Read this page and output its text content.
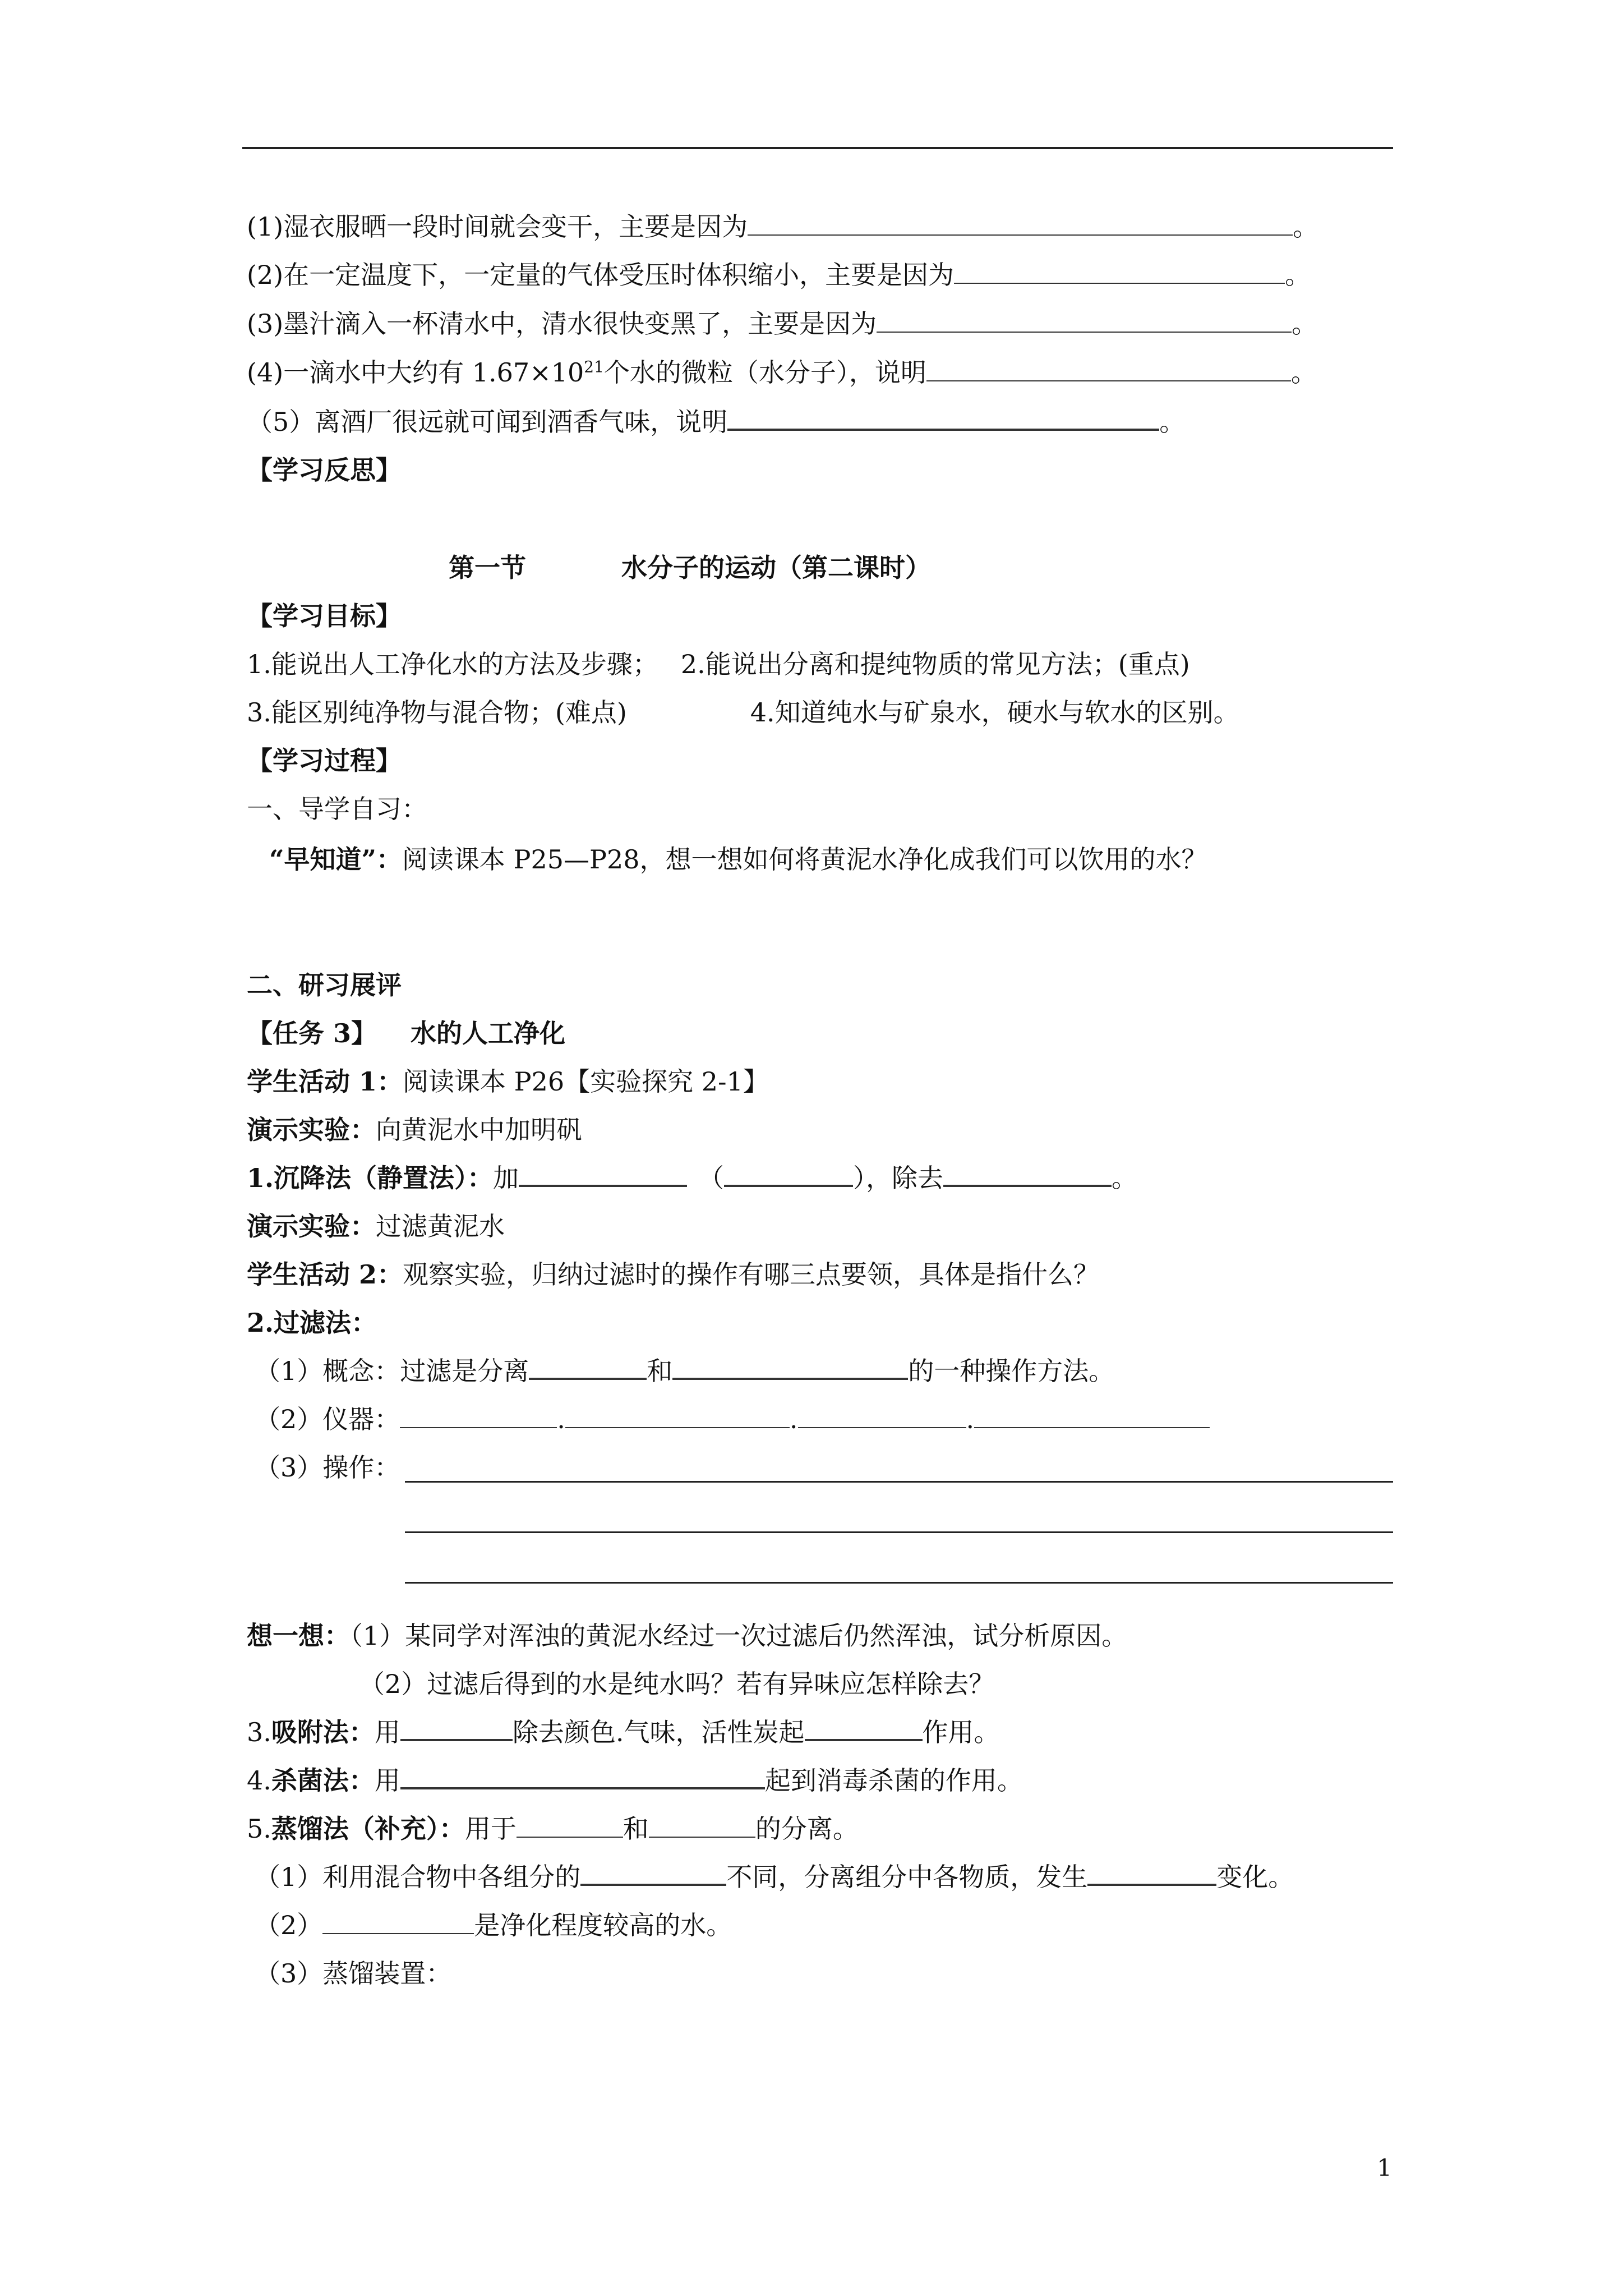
(1)湿衣服晒一段时间就会变干，主要是因为	。
(2)在一定温度下，一定量的气体受压时体积缩小，主要是因为	。
(3)墨汁滴入一杯清水中，清水很快变黑了，主要是因为	。
(4)一滴水中大约有 $1.67\times 10^{21}$个水的微粒（水分子），说明	。
（5）离酒厂很远就可闻到酒香气味，说明	。
【学习反思】
第一节	水分子的运动（第二课时）
【学习目标】
1.能说出人工净化水的方法及步骤； 2.能说出分离和提纯物质的常见方法；(重点)
3.能区别纯净物与混合物；(难点)	4.知道纯水与矿泉水，硬水与软水的区别。
【学习过程】
一、导学自习：
“早知道”：阅读课本 P25—P28，想一想如何将黄泥水净化成我们可以饮用的水？
二、研习展评
【任务 3】 水的人工净化
学生活动 1：阅读课本 P26【实验探究 2-1】
演示实验：向黄泥水中加明矾
1.沉降法（静置法）：加	（	），除去	。
演示实验：过滤黄泥水
学生活动 2：观察实验，归纳过滤时的操作有哪三点要领，具体是指什么？
2.过滤法：
（1）概念：过滤是分离	和	的一种操作方法。
（2）仪器：	.	.	.
（3）操作：
想一想：（1）某同学对浑浊的黄泥水经过一次过滤后仍然浑浊，试分析原因。
（2）过滤后得到的水是纯水吗？若有异味应怎样除去？
3.吸附法：用	除去颜色.气味，活性炭起	作用。
4.杀菌法：用	起到消毒杀菌的作用。
5.蒸馏法（补充）：用于	和	的分离。
（1）利用混合物中各组分的	不同，分离组分中各物质，发生	变化。
（2）	是净化程度较高的水。
（3）蒸馏装置：
1
